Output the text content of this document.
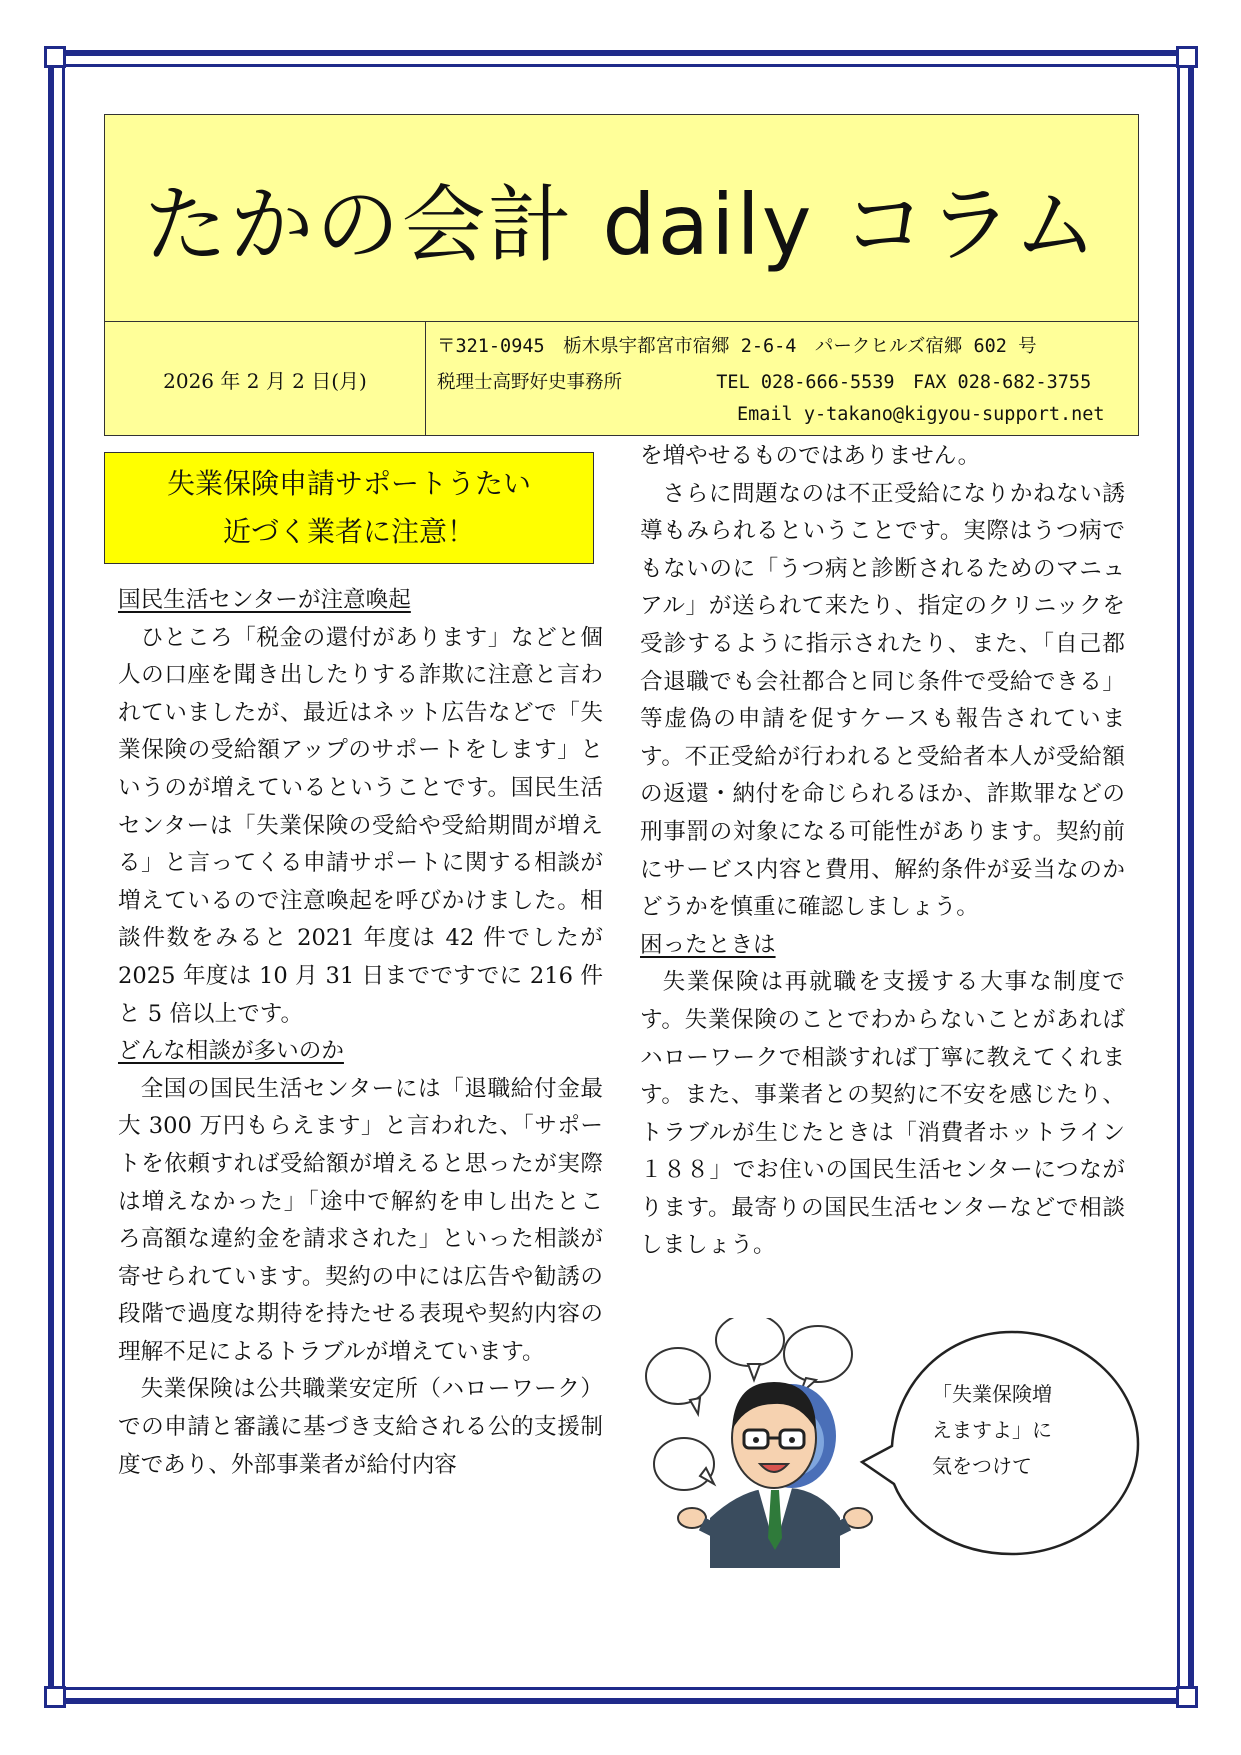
たかの会計 daily コラム
2026 年 2 月 2 日(月)
〒321-0945　栃木県宇都宮市宿郷 2-6-4　パークヒルズ宿郷 602 号
税理士高野好史事務所	TEL 028-666-5539　FAX 028-682-3755
Email y-takano@kigyou-support.net
失業保険申請サポートうたい
近づく業者に注意！

国民生活センターが注意喚起

ひところ「税金の還付があります」などと個人の口座を聞き出したりする詐欺に注意と言われていましたが、最近はネット広告などで「失業保険の受給額アップのサポートをします」というのが増えているということです。国民生活センターは「失業保険の受給や受給期間が増える」と言ってくる申請サポートに関する相談が増えているので注意喚起を呼びかけました。相談件数をみると 2021 年度は 42 件でしたが 2025 年度は 10 月 31 日までですでに 216 件と 5 倍以上です。

どんな相談が多いのか

全国の国民生活センターには「退職給付金最大 300 万円もらえます」と言われた、「サポートを依頼すれば受給額が増えると思ったが実際は増えなかった」「途中で解約を申し出たところ高額な違約金を請求された」といった相談が寄せられています。契約の中には広告や勧誘の段階で過度な期待を持たせる表現や契約内容の理解不足によるトラブルが増えています。

失業保険は公共職業安定所（ハローワーク）での申請と審議に基づき支給される公的支援制度であり、外部事業者が給付内容

を増やせるものではありません。

さらに問題なのは不正受給になりかねない誘導もみられるということです。実際はうつ病でもないのに「うつ病と診断されるためのマニュアル」が送られて来たり、指定のクリニックを受診するように指示されたり、また、「自己都合退職でも会社都合と同じ条件で受給できる」等虚偽の申請を促すケースも報告されています。不正受給が行われると受給者本人が受給額の返還・納付を命じられるほか、詐欺罪などの刑事罰の対象になる可能性があります。契約前にサービス内容と費用、解約条件が妥当なのかどうかを慎重に確認しましょう。

困ったときは

失業保険は再就職を支援する大事な制度です。失業保険のことでわからないことがあればハローワークで相談すれば丁寧に教えてくれます。また、事業者との契約に不安を感じたり、トラブルが生じたときは「消費者ホットライン１８８」でお住いの国民生活センターにつながります。最寄りの国民生活センターなどで相談しましょう。

「失業保険増
えますよ」に
気をつけて
